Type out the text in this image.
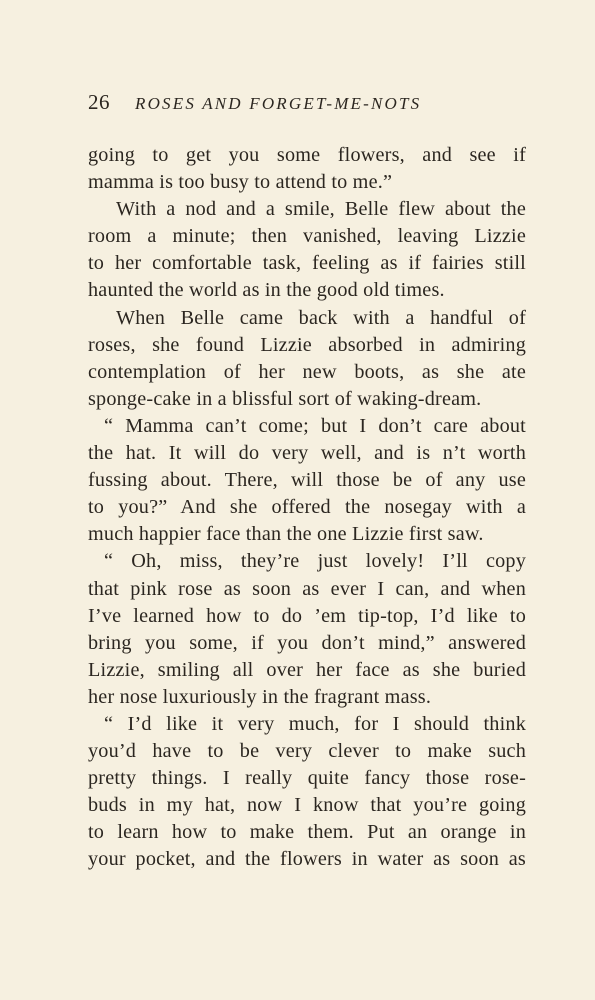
26 ROSES AND FORGET-ME-NOTS
going to get you some flowers, and see if
mamma is too busy to attend to me.”
With a nod and a smile, Belle flew about the
room a minute; then vanished, leaving Lizzie
to her comfortable task, feeling as if fairies still
haunted the world as in the good old times.
When Belle came back with a handful of
roses, she found Lizzie absorbed in admiring
contemplation of her new boots, as she ate
sponge-cake in a blissful sort of waking-dream.
“ Mamma can’t come; but I don’t care about
the hat. It will do very well, and is n’t worth
fussing about. There, will those be of any use
to you?” And she offered the nosegay with a
much happier face than the one Lizzie first saw.
“ Oh, miss, they’re just lovely! I’ll copy
that pink rose as soon as ever I can, and when
I’ve learned how to do ’em tip-top, I’d like to
bring you some, if you don’t mind,” answered
Lizzie, smiling all over her face as she buried
her nose luxuriously in the fragrant mass.
“ I’d like it very much, for I should think
you’d have to be very clever to make such
pretty things. I really quite fancy those rose-
buds in my hat, now I know that you’re going
to learn how to make them. Put an orange in
your pocket, and the flowers in water as soon as
